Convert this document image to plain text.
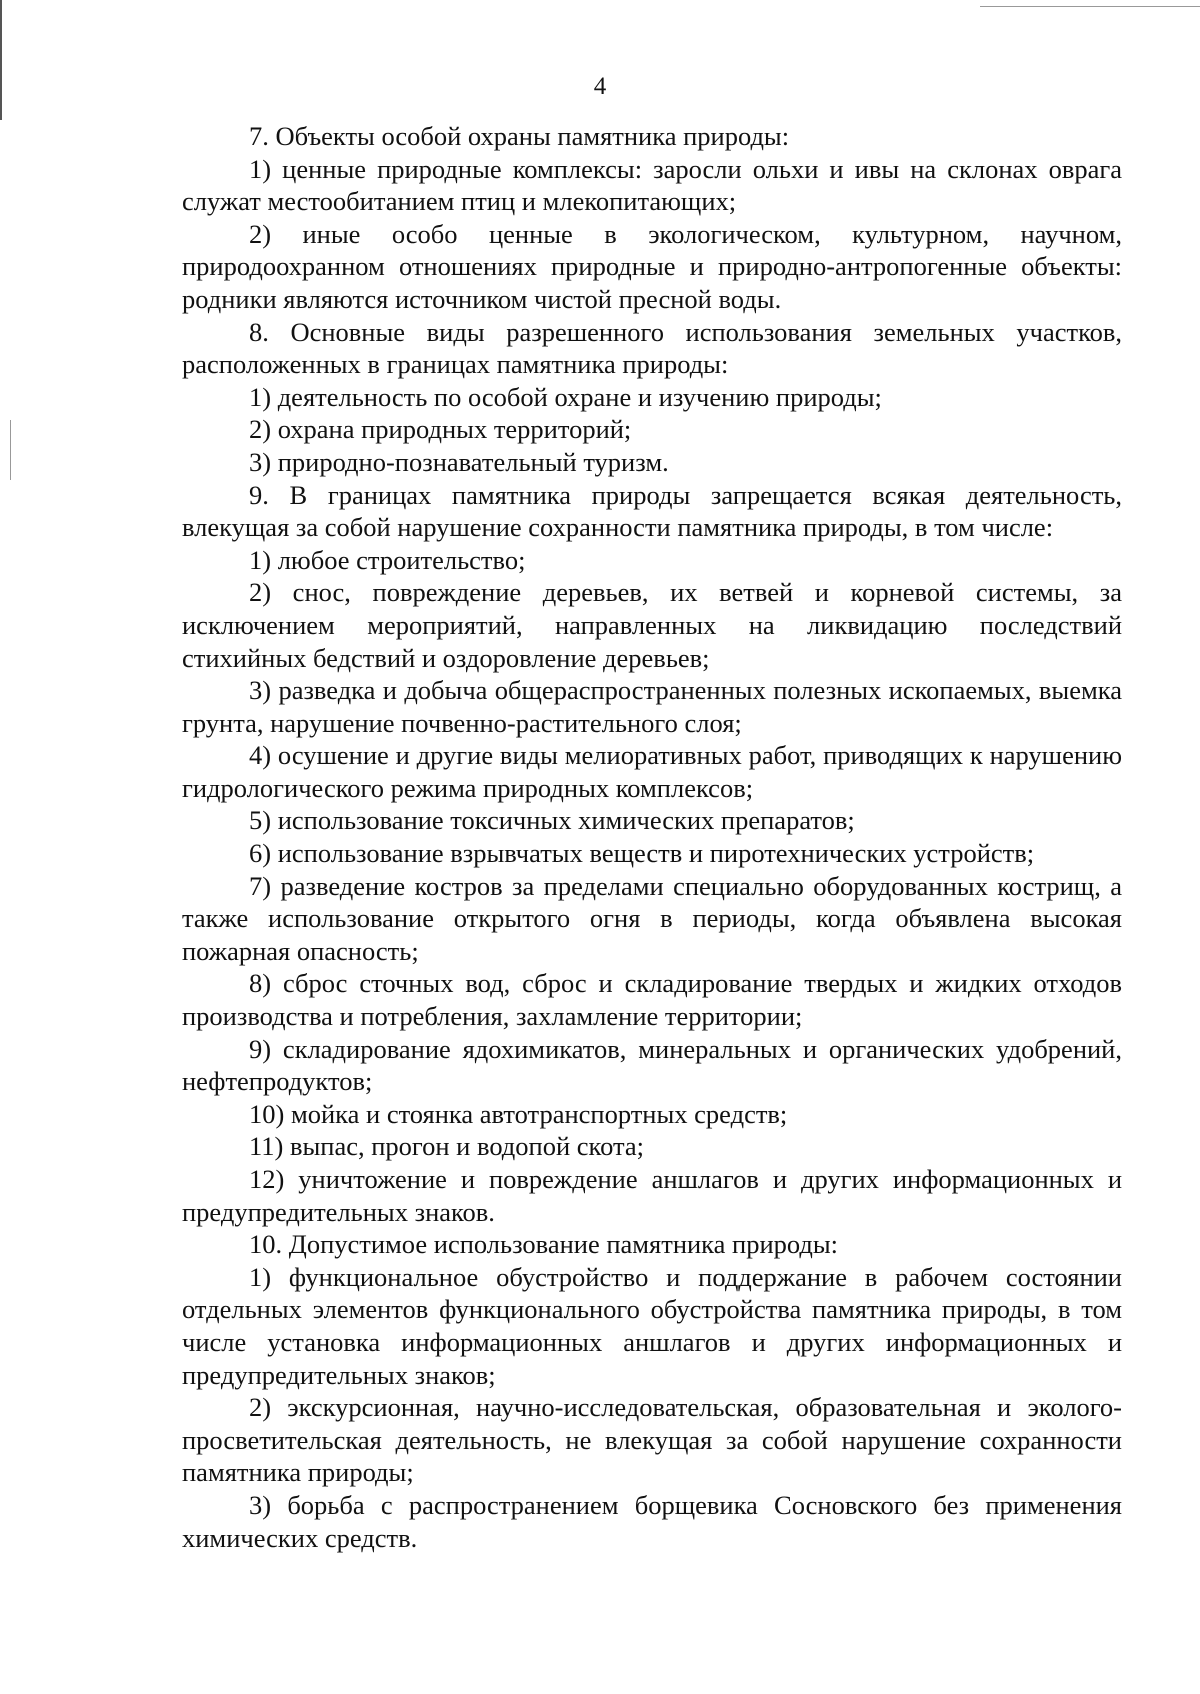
4

7. Объекты особой охраны памятника природы:

1) ценные природные комплексы: заросли ольхи и ивы на склонах оврага служат местообитанием птиц и млекопитающих;

2) иные особо ценные в экологическом, культурном, научном, природоохранном отношениях природные и природно-антропогенные объекты: родники являются источником чистой пресной воды.

8. Основные виды разрешенного использования земельных участков, расположенных в границах памятника природы:

1) деятельность по особой охране и изучению природы;

2) охрана природных территорий;

3) природно-познавательный туризм.

9. В границах памятника природы запрещается всякая деятельность, влекущая за собой нарушение сохранности памятника природы, в том числе:

1) любое строительство;

2) снос, повреждение деревьев, их ветвей и корневой системы, за исключением мероприятий, направленных на ликвидацию последствий стихийных бедствий и оздоровление деревьев;

3) разведка и добыча общераспространенных полезных ископаемых, выемка грунта, нарушение почвенно-растительного слоя;

4) осушение и другие виды мелиоративных работ, приводящих к нарушению гидрологического режима природных комплексов;

5) использование токсичных химических препаратов;

6) использование взрывчатых веществ и пиротехнических устройств;

7) разведение костров за пределами специально оборудованных кострищ, а также использование открытого огня в периоды, когда объявлена высокая пожарная опасность;

8) сброс сточных вод, сброс и складирование твердых и жидких отходов производства и потребления, захламление территории;

9) складирование ядохимикатов, минеральных и органических удобрений, нефтепродуктов;

10) мойка и стоянка автотранспортных средств;

11) выпас, прогон и водопой скота;

12) уничтожение и повреждение аншлагов и других информационных и предупредительных знаков.

10. Допустимое использование памятника природы:

1) функциональное обустройство и поддержание в рабочем состоянии отдельных элементов функционального обустройства памятника природы, в том числе установка информационных аншлагов и других информационных и предупредительных знаков;

2) экскурсионная, научно-исследовательская, образовательная и эколого-просветительская деятельность, не влекущая за собой нарушение сохранности памятника природы;

3) борьба с распространением борщевика Сосновского без применения химических средств.
